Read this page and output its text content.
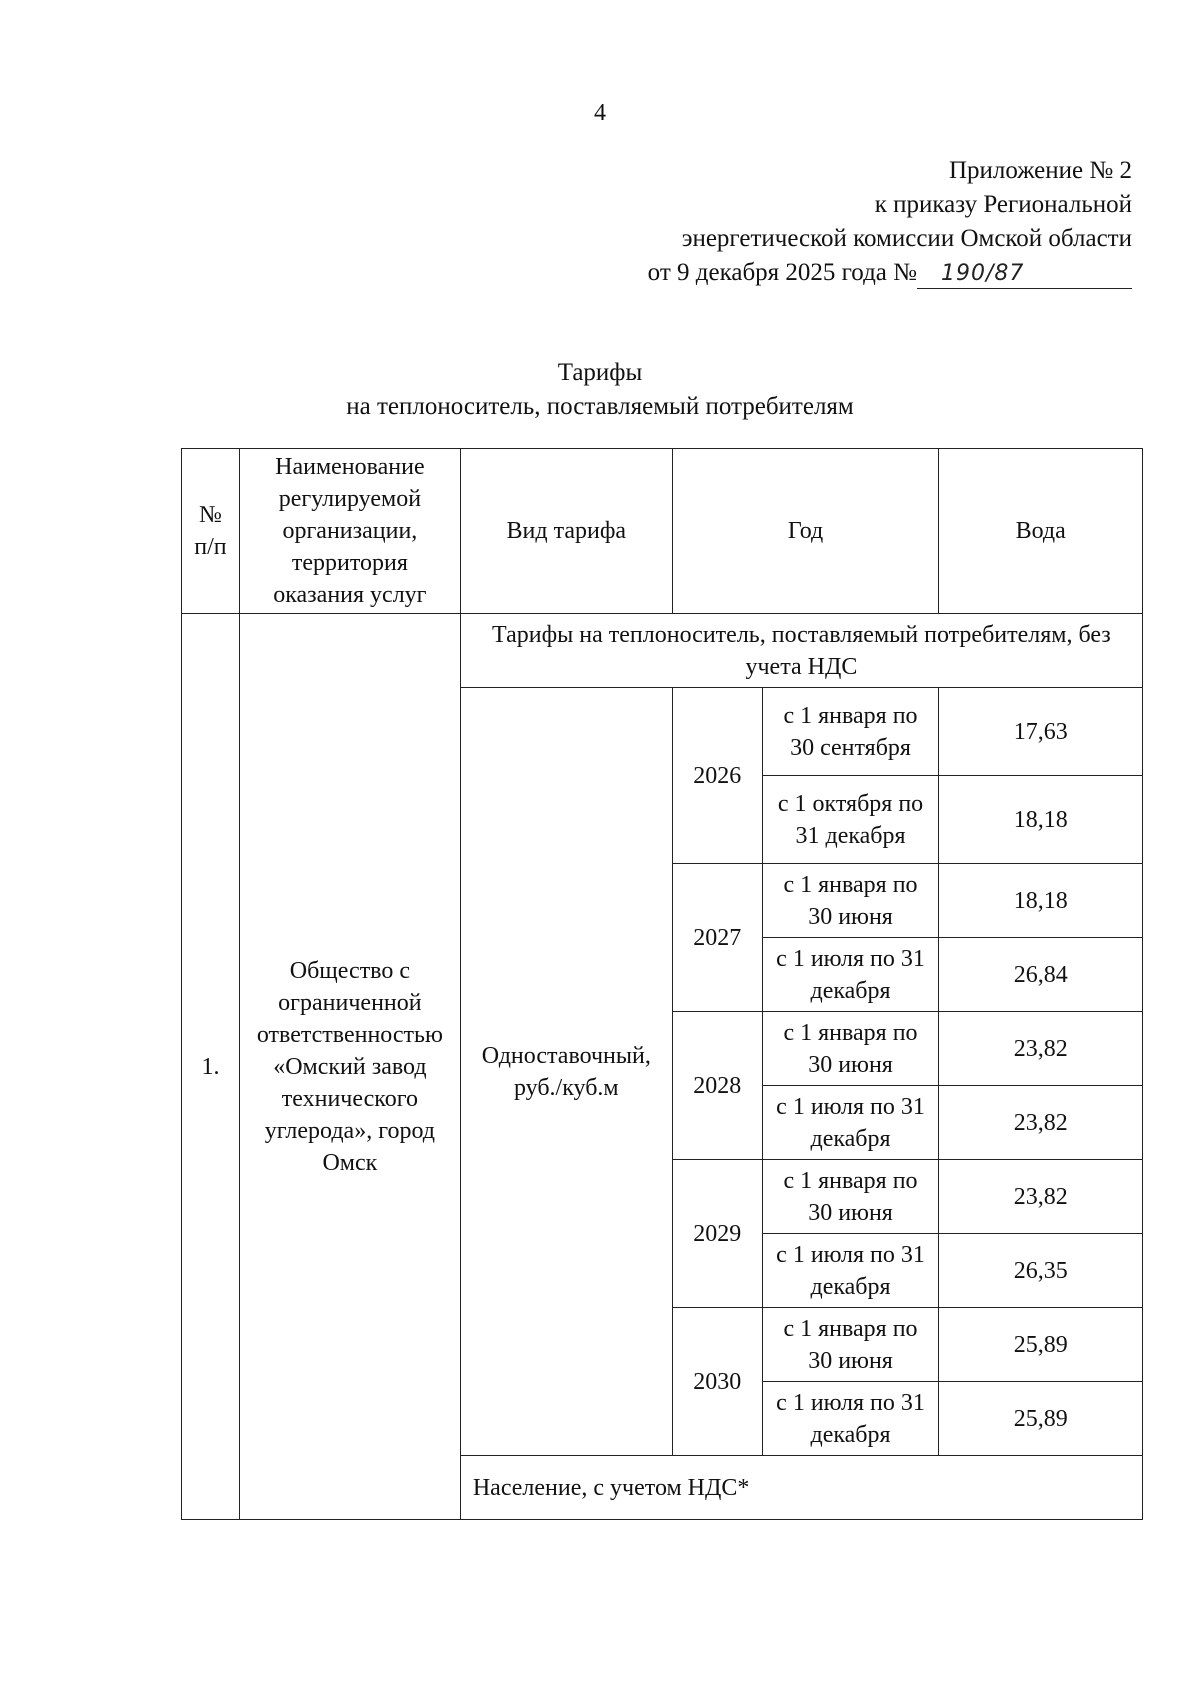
4
Приложение № 2
к приказу Региональной
энергетической комиссии Омской области
от 9 декабря 2025 года № 190/87
Тарифы
на теплоноситель, поставляемый потребителям
№ п/п	Наименование регулируемой организации, территория оказания услуг	Вид тарифа	Год		Вода
1.	Общество с ограниченной ответственностью «Омский завод технического углерода», город Омск	Тарифы на теплоноситель, поставляемый потребителям, без учета НДС			
		Одноставочный, руб./куб.м	2026	с 1 января по 30 сентября	17,63
				с 1 октября по 31 декабря	18,18
			2027	с 1 января по 30 июня	18,18
				с 1 июля по 31 декабря	26,84
			2028	с 1 января по 30 июня	23,82
				с 1 июля по 31 декабря	23,82
			2029	с 1 января по 30 июня	23,82
				с 1 июля по 31 декабря	26,35
			2030	с 1 января по 30 июня	25,89
				с 1 июля по 31 декабря	25,89
		Население, с учетом НДС*			
